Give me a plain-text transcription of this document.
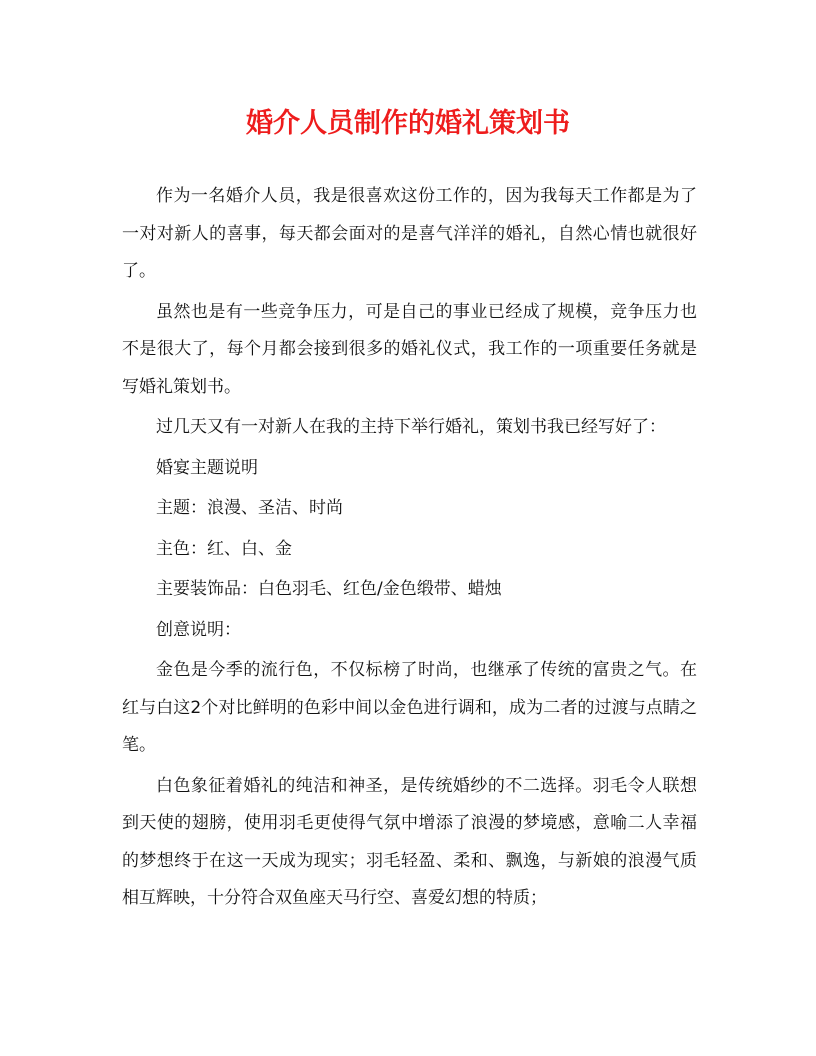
婚介人员制作的婚礼策划书

作为一名婚介人员，我是很喜欢这份工作的，因为我每天工作都是为了一对对新人的喜事，每天都会面对的是喜气洋洋的婚礼，自然心情也就很好了。

虽然也是有一些竞争压力，可是自己的事业已经成了规模，竞争压力也不是很大了，每个月都会接到很多的婚礼仪式，我工作的一项重要任务就是写婚礼策划书。

过几天又有一对新人在我的主持下举行婚礼，策划书我已经写好了：

婚宴主题说明

主题：浪漫、圣洁、时尚

主色：红、白、金

主要装饰品：白色羽毛、红色/金色缎带、蜡烛

创意说明：

金色是今季的流行色，不仅标榜了时尚，也继承了传统的富贵之气。在红与白这2个对比鲜明的色彩中间以金色进行调和，成为二者的过渡与点睛之笔。

白色象征着婚礼的纯洁和神圣，是传统婚纱的不二选择。羽毛令人联想到天使的翅膀，使用羽毛更使得气氛中增添了浪漫的梦境感，意喻二人幸福的梦想终于在这一天成为现实；羽毛轻盈、柔和、飘逸，与新娘的浪漫气质相互辉映，十分符合双鱼座天马行空、喜爱幻想的特质；
